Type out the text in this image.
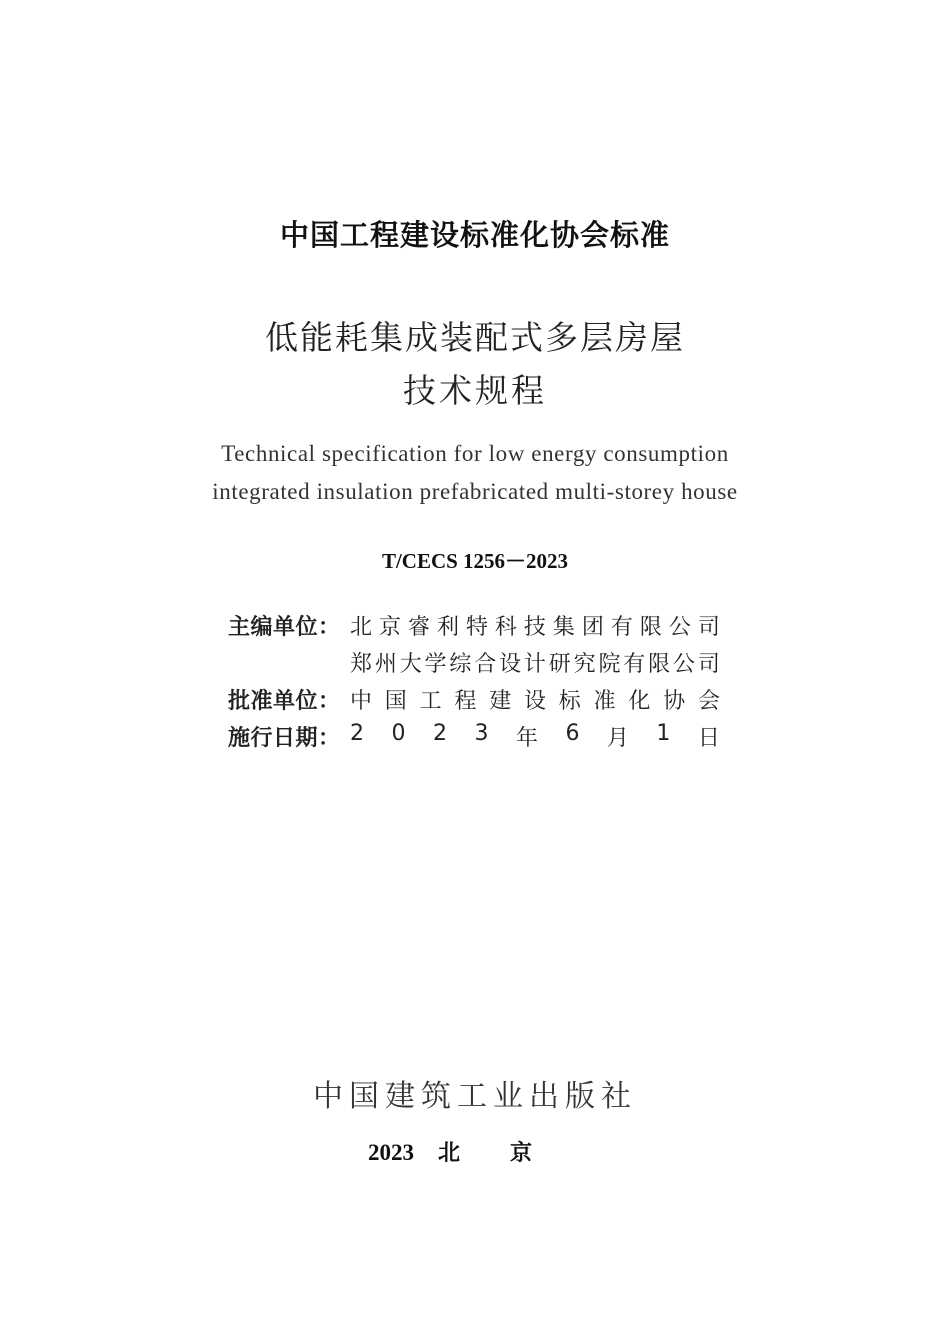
中国工程建设标准化协会标准
低能耗集成装配式多层房屋
技术规程
Technical specification for low energy consumption
integrated insulation prefabricated multi-storey house
T/CECS 1256－2023
主编单位： 北 京 睿 利 特 科 技 集 团 有 限 公 司
郑 州 大 学 综 合 设 计 研 究 院 有 限 公 司
批准单位： 中 国 工 程 建 设 标 准 化 协 会
施行日期： 2 0 2 3 年 6 月 1 日
中国建筑工业出版社
2023 北京
